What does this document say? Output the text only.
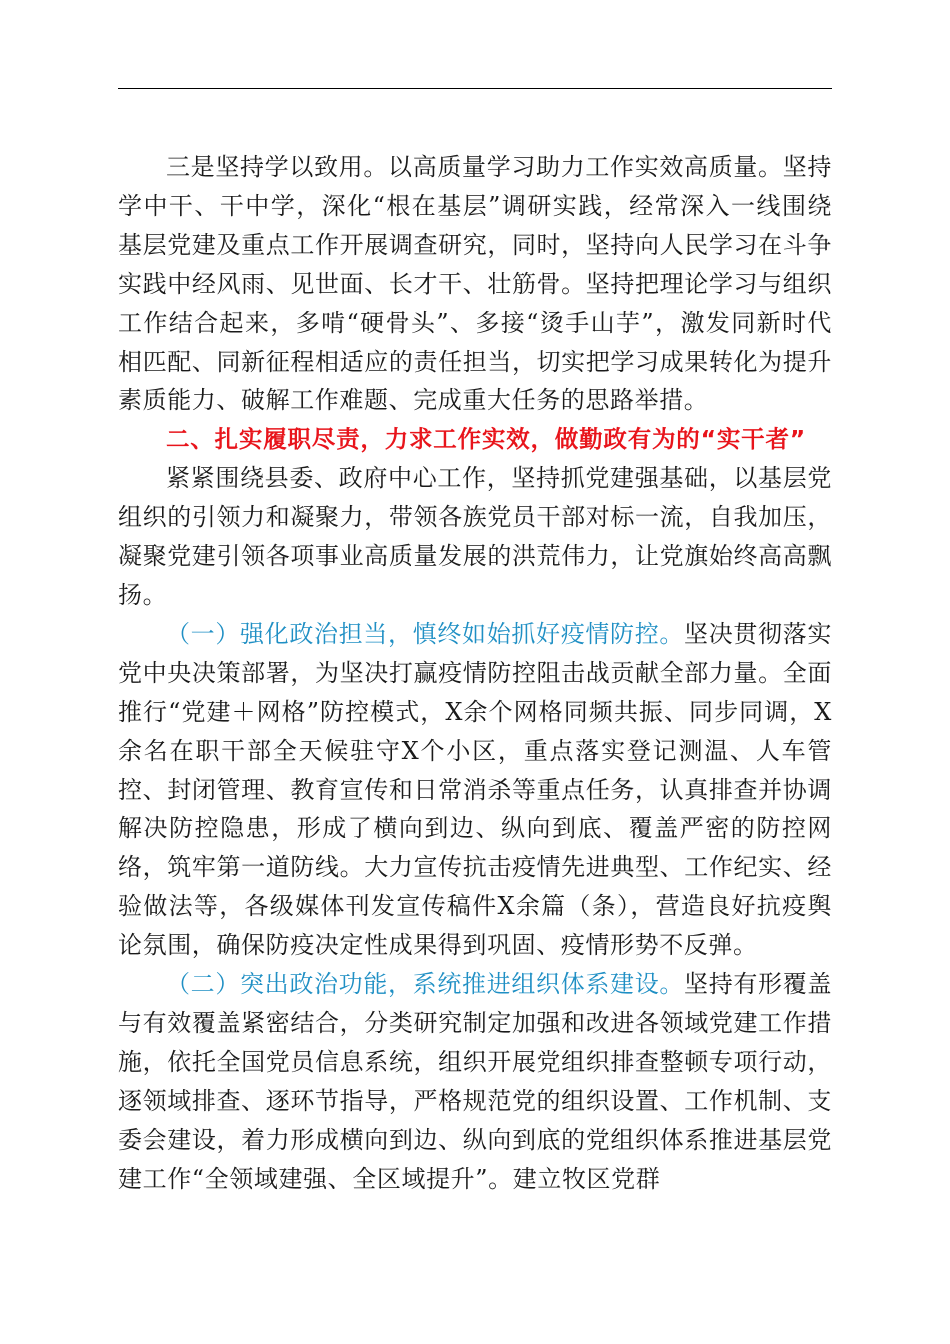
三是坚持学以致用。以高质量学习助力工作实效高质量。坚持学中干、干中学，深化“根在基层”调研实践，经常深入一线围绕基层党建及重点工作开展调查研究，同时，坚持向人民学习在斗争实践中经风雨、见世面、长才干、壮筋骨。坚持把理论学习与组织工作结合起来，多啃“硬骨头”、多接“烫手山芋”，激发同新时代相匹配、同新征程相适应的责任担当，切实把学习成果转化为提升素质能力、破解工作难题、完成重大任务的思路举措。

二、扎实履职尽责，力求工作实效，做勤政有为的“实干者”

紧紧围绕县委、政府中心工作，坚持抓党建强基础，以基层党组织的引领力和凝聚力，带领各族党员干部对标一流，自我加压，凝聚党建引领各项事业高质量发展的洪荒伟力，让党旗始终高高飘扬。

（一）强化政治担当，慎终如始抓好疫情防控。坚决贯彻落实党中央决策部署，为坚决打赢疫情防控阻击战贡献全部力量。全面推行“党建＋网格”防控模式，X余个网格同频共振、同步同调，X余名在职干部全天候驻守X个小区，重点落实登记测温、人车管控、封闭管理、教育宣传和日常消杀等重点任务，认真排查并协调解决防控隐患，形成了横向到边、纵向到底、覆盖严密的防控网络，筑牢第一道防线。大力宣传抗击疫情先进典型、工作纪实、经验做法等，各级媒体刊发宣传稿件X余篇（条），营造良好抗疫舆论氛围，确保防疫决定性成果得到巩固、疫情形势不反弹。

（二）突出政治功能，系统推进组织体系建设。坚持有形覆盖与有效覆盖紧密结合，分类研究制定加强和改进各领域党建工作措施，依托全国党员信息系统，组织开展党组织排查整顿专项行动，逐领域排查、逐环节指导，严格规范党的组织设置、工作机制、支委会建设，着力形成横向到边、纵向到底的党组织体系推进基层党建工作“全领域建强、全区域提升”。建立牧区党群
